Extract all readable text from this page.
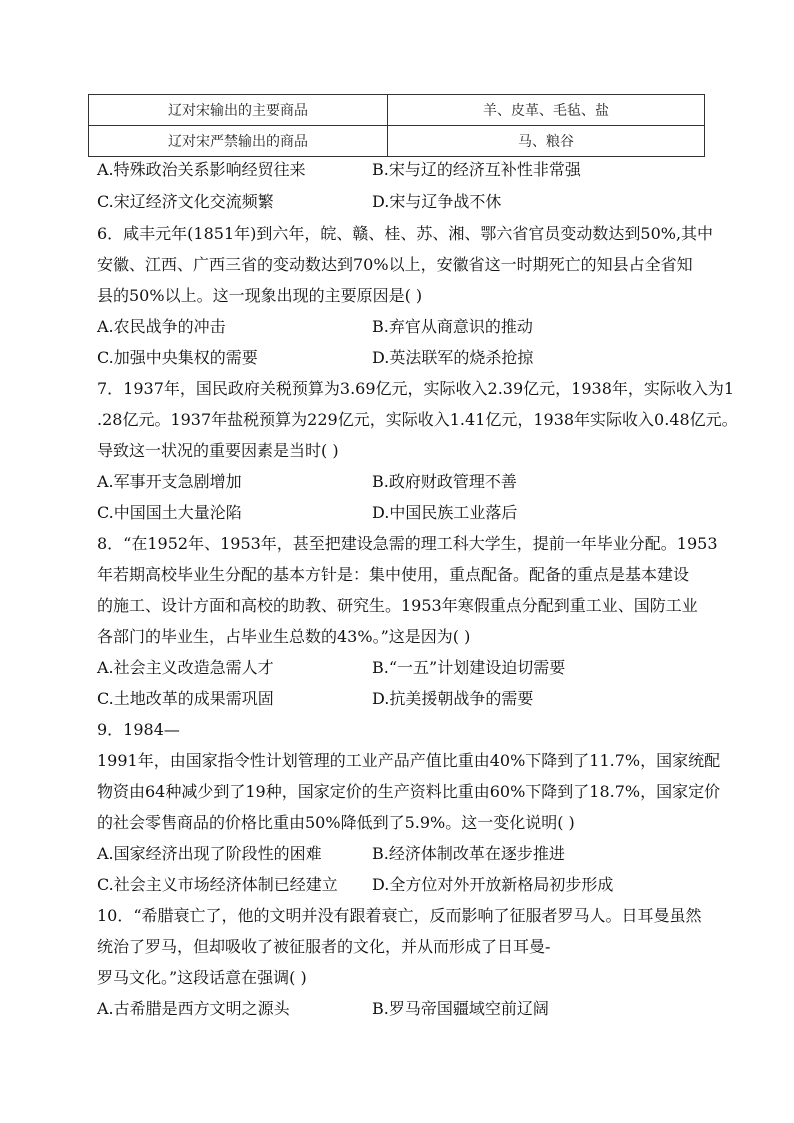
辽对宋输出的主要商品	羊、皮革、毛毡、盐
辽对宋严禁输出的商品	马、粮谷
A.特殊政治关系影响经贸往来	B.宋与辽的经济互补性非常强
C.宋辽经济文化交流频繁	D.宋与辽争战不休
6．咸丰元年(1851年)到六年，皖、赣、桂、苏、湘、鄂六省官员变动数达到50%,其中
安徽、江西、广西三省的变动数达到70%以上，安徽省这一时期死亡的知县占全省知
县的50%以上。这一现象出现的主要原因是( )
A.农民战争的冲击	B.弃官从商意识的推动
C.加强中央集权的需要	D.英法联军的烧杀抢掠
7．1937年，国民政府关税预算为3.69亿元，实际收入2.39亿元，1938年，实际收入为1
.28亿元。1937年盐税预算为229亿元，实际收入1.41亿元，1938年实际收入0.48亿元。
导致这一状况的重要因素是当时( )
A.军事开支急剧增加	B.政府财政管理不善
C.中国国土大量沦陷	D.中国民族工业落后
8．“在1952年、1953年，甚至把建设急需的理工科大学生，提前一年毕业分配。1953
年若期高校毕业生分配的基本方针是：集中使用，重点配备。配备的重点是基本建设
的施工、设计方面和高校的助教、研究生。1953年寒假重点分配到重工业、国防工业
各部门的毕业生，占毕业生总数的43%。”这是因为( )
A.社会主义改造急需人才	B.“一五”计划建设迫切需要
C.土地改革的成果需巩固	D.抗美援朝战争的需要
9．1984—
1991年，由国家指令性计划管理的工业产品产值比重由40%下降到了11.7%，国家统配
物资由64种减少到了19种，国家定价的生产资料比重由60%下降到了18.7%，国家定价
的社会零售商品的价格比重由50%降低到了5.9%。这一变化说明( )
A.国家经济出现了阶段性的困难	B.经济体制改革在逐步推进
C.社会主义市场经济体制已经建立 D.全方位对外开放新格局初步形成
10．“希腊衰亡了，他的文明并没有跟着衰亡，反而影响了征服者罗马人。日耳曼虽然
统治了罗马，但却吸收了被征服者的文化，并从而形成了日耳曼-
罗马文化。”这段话意在强调( )
A.古希腊是西方文明之源头	B.罗马帝国疆域空前辽阔
